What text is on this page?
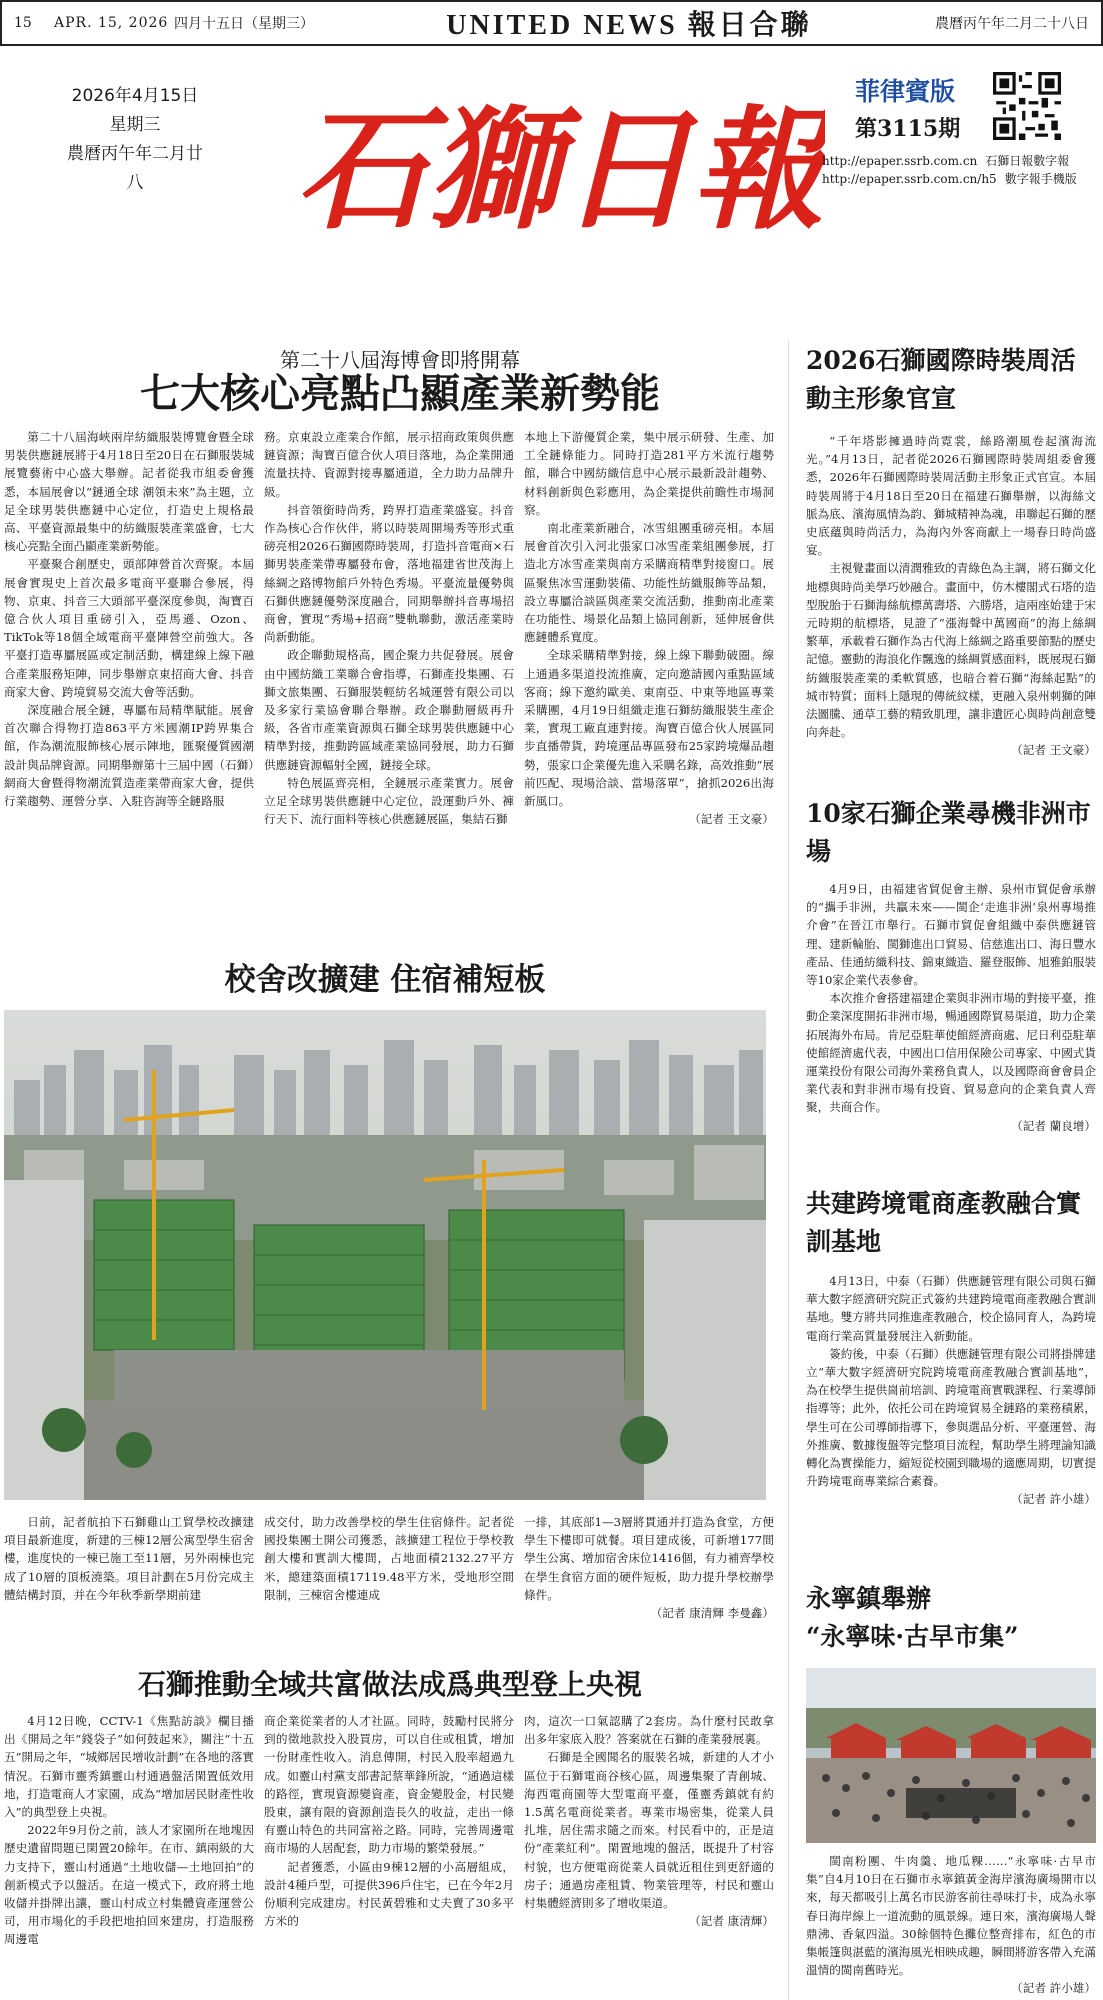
15	APR. 15, 2026 四月十五日（星期三）	UNITED NEWS 報日合聯	農曆丙午年二月二十八日
2026年4月15日
星期三
農曆丙午年二月廿八	石獅日報
菲律賓版
第3115期
http://epaper.ssrb.com.cn 石獅日報數字報
http://epaper.ssrb.com.cn/h5 數字報手機版
第二十八屆海博會即將開幕
七大核心亮點凸顯產業新勢能

第二十八屆海峽兩岸紡織服裝博覽會暨全球男裝供應鏈展將于4月18日至20日在石獅服裝城展覽藝術中心盛大舉辦。記者從我市組委會獲悉，本屆展會以“鏈通全球 潮領未來”為主題，立足全球男裝供應鏈中心定位，打造史上規格最高、平臺資源最集中的紡織服裝產業盛會，七大核心亮點全面凸顯產業新勢能。

平臺聚合創歷史，頭部陣營首次齊聚。本屆展會實現史上首次最多電商平臺聯合參展，得物、京東、抖音三大頭部平臺深度參與，淘寶百億合伙人項目重磅引入，亞馬遜、Ozon、TikTok等18個全域電商平臺陣營空前強大。各平臺打造專屬展區或定制活動，構建線上線下融合產業服務矩陣，同步舉辦京東招商大會、抖音商家大會、跨境貿易交流大會等活動。

深度融合展全鏈，專屬布局精準賦能。展會首次聯合得物打造863平方米國潮IP跨界集合館，作為潮流服飾核心展示陣地，匯聚優質國潮設計與品牌資源。同期舉辦第十三屆中國（石獅）網商大會暨得物潮流質造產業帶商家大會，提供行業趨勢、運營分享、入駐咨詢等全鏈路服

務。京東設立產業合作館，展示招商政策與供應鏈資源；淘寶百億合伙人項目落地，為企業開通流量扶持、資源對接專屬通道，全力助力品牌升級。

抖音領銜時尚秀，跨界打造產業盛宴。抖音作為核心合作伙伴，將以時裝周開場秀等形式重磅亮相2026石獅國際時裝周，打造抖音電商×石獅男裝產業帶專屬發布會，落地福建省世茂海上絲綢之路博物館戶外特色秀場。平臺流量優勢與石獅供應鏈優勢深度融合，同期舉辦抖音專場招商會，實現“秀場+招商”雙軌聯動，激活產業時尚新動能。

政企聯動規格高，國企聚力共促發展。展會由中國紡織工業聯合會指導，石獅產投集團、石獅文旅集團、石獅服裝輕紡名城運營有限公司以及多家行業協會聯合舉辦。政企聯動層級再升級，各省市產業資源與石獅全球男裝供應鏈中心精準對接，推動跨區域產業協同發展，助力石獅供應鏈資源輻射全國，鏈接全球。

特色展區齊亮相，全鏈展示產業實力。展會立足全球男裝供應鏈中心定位，設運動戶外、褲行天下、流行面料等核心供應鏈展區，集結石獅

本地上下游優質企業，集中展示研發、生產、加工全鏈條能力。同時打造281平方米流行趨勢館，聯合中國紡織信息中心展示最新設計趨勢、材料創新與色彩應用，為企業提供前瞻性市場洞察。

南北產業新融合，冰雪組團重磅亮相。本屆展會首次引入河北張家口冰雪產業組團參展，打造北方冰雪產業與南方采購商精準對接窗口。展區聚焦冰雪運動裝備、功能性紡織服飾等品類，設立專屬洽談區與產業交流活動，推動南北產業在功能性、場景化品類上協同創新，延伸展會供應鏈體系寬度。

全球采購精準對接，線上線下聯動破圈。線上通過多渠道投流推廣，定向邀請國內重點區域客商；線下邀約歐美、東南亞、中東等地區專業采購團，4月19日組織走進石獅紡織服裝生產企業，實現工廠直連對接。淘寶百億合伙人展區同步直播帶貨，跨境運品專區發布25家跨境爆品趨勢，張家口企業優先進入采購名錄，高效推動“展前匹配、現場洽談、當場落單”，搶抓2026出海新風口。

（記者 王文豪）
校舍改擴建 住宿補短板

日前，記者航拍下石獅雞山工貿學校改擴建項目最新進度，新建的三棟12層公寓型學生宿舍樓，進度快的一棟已施工至11層，另外兩棟也完成了10層的頂板澆築。項目計劃在5月份完成主體結構封頂，并在今年秋季新學期前建

成交付，助力改善學校的學生住宿條件。記者從國投集團土開公司獲悉，該擴建工程位于學校教創大樓和實訓大樓間，占地面積2132.27平方米，總建築面積17119.48平方米，受地形空間限制，三棟宿舍樓連成

一排，其底部1—3層將貫通并打造為食堂，方便學生下樓即可就餐。項目建成後，可新增177間學生公寓、增加宿舍床位1416個，有力補齊學校在學生食宿方面的硬件短板，助力提升學校辦學條件。

（記者 康清輝 李曼鑫）
石獅推動全域共富做法成爲典型登上央視

4月12日晚，CCTV-1《焦點訪談》欄目播出《開局之年“錢袋子”如何鼓起來》，關注“十五五”開局之年，“城鄉居民增收計劃”在各地的落實情況。石獅市靈秀鎮靈山村通過盤活閑置低效用地，打造電商人才家園，成為“增加居民財產性收入”的典型登上央視。

2022年9月份之前，該人才家園所在地塊因歷史遺留問題已閑置20餘年。在市、鎮兩級的大力支持下，靈山村通過“土地收儲—土地回拍”的創新模式予以盤活。在這一模式下，政府將土地收儲并掛牌出讓，靈山村成立村集體資產運營公司，用市場化的手段把地拍回來建房，打造服務周邊電

商企業從業者的人才社區。同時，鼓勵村民將分到的徵地款投入股買房，可以自住或租賃，增加一份財產性收入。消息傳開，村民入股率超過九成。如靈山村黨支部書記蔡華鋒所說，“通過這樣的路徑，實現資源變資產，資金變股金，村民變股東，讓有限的資源創造長久的收益，走出一條有靈山特色的共同富裕之路。同時，完善周邊電商市場的人居配套，助力市場的繁榮發展。”

記者獲悉，小區由9棟12層的小高層組成，設計4種戶型，可提供396戶住宅，已在今年2月份順利完成建房。村民黃碧雅和丈夫賣了30多平方米的

肉，這次一口氣認購了2套房。為什麼村民敢拿出多年家底入股？答案就在石獅的產業發展裏。

石獅是全國聞名的服裝名城，新建的人才小區位于石獅電商谷核心區，周邊集聚了青創城、海西電商園等大型電商平臺，僅靈秀鎮就有約1.5萬名電商從業者。專業市場密集，從業人員扎堆，居住需求隨之而來。村民看中的，正是這份“產業紅利”。閑置地塊的盤活，既提升了村容村貌，也方便電商從業人員就近租住到更舒適的房子；通過房產租賃、物業管理等，村民和靈山村集體經濟則多了增收渠道。

（記者 康清輝）
2026石獅國際時裝周活動主形象官宣

“千年塔影擁過時尚霓裳，絲路潮風卷起濱海流光。”4月13日，記者從2026石獅國際時裝周組委會獲悉，2026年石獅國際時裝周活動主形象正式官宣。本屆時裝周將于4月18日至20日在福建石獅舉辦，以海絲文脈為底、濱海風情為韵、獅城精神為魂，串聯起石獅的歷史底蘊與時尚活力，為海內外客商獻上一場春日時尚盛宴。

主視覺畫面以清潤雅致的青綠色為主調，將石獅文化地標與時尚美學巧妙融合。畫面中，仿木樓閣式石塔的造型脫胎于石獅海絲航標萬壽塔、六勝塔，這兩座始建于宋元時期的航標塔，見證了“漲海聲中萬國商”的海上絲綢繁華，承載着石獅作為古代海上絲綢之路重要節點的歷史記憶。靈動的海浪化作飄逸的絲綢質感面料，既展現石獅紡織服裝產業的柔軟質感，也暗合着石獅“海絲起點”的城市特質；面料上隱現的傳統紋樣，更融入泉州刺獅的陣法圖騰、通草工藝的精致肌理，讓非遺匠心與時尚創意雙向奔赴。

（記者 王文豪）
10家石獅企業尋機非洲市場

4月9日，由福建省貿促會主辦、泉州市貿促會承辦的“攜手非洲，共贏未來——閩企‘走進非洲’泉州專場推介會”在晉江市舉行。石獅市貿促會組織中泰供應鏈管理、建新輪胎、閩獅進出口貿易、信慈進出口、海日豐水產品、佳通紡織科技、錦東織造、羅登服飾、旭雅鉑服裝等10家企業代表參會。

本次推介會搭建福建企業與非洲市場的對接平臺，推動企業深度開拓非洲市場，暢通國際貿易渠道，助力企業拓展海外布局。肯尼亞駐華使館經濟商處、尼日利亞駐華使館經濟處代表，中國出口信用保險公司專家、中國式貨運業投份有限公司海外業務負責人，以及國際商會會員企業代表和對非洲市場有投資、貿易意向的企業負責人齊聚，共商合作。

（記者 蘭良增）
共建跨境電商產教融合實訓基地

4月13日，中泰（石獅）供應鏈管理有限公司與石獅華大數字經濟研究院正式簽約共建跨境電商產教融合實訓基地。雙方將共同推進產教融合，校企協同育人，為跨境電商行業高質量發展注入新動能。

簽約後，中泰（石獅）供應鏈管理有限公司將掛牌建立“華大數字經濟研究院跨境電商產教融合實訓基地”，為在校學生提供崗前培訓、跨境電商實戰課程、行業導師指導等；此外，依托公司在跨境貿易全鏈路的業務積累，學生可在公司導師指導下，參與選品分析、平臺運營、海外推廣、數據復盤等完整項目流程，幫助學生將理論知識轉化為實操能力，縮短從校園到職場的適應周期，切實提升跨境電商專業綜合素養。

（記者 許小雄）
永寧鎮舉辦
“永寧味·古早市集”

閩南粉團、牛肉羹、地瓜粿……“永寧味·古早市集”自4月10日在石獅市永寧鎮黃金海岸濱海廣場開市以來，每天都吸引上萬名市民游客前往尋味打卡，成為永寧春日海岸線上一道流動的風景線。連日來，濱海廣場人聲鼎沸、香氣四溢。30餘個特色攤位整齊排布，紅色的市集帳篷與湛藍的濱海風光相映成趣，瞬間將游客帶入充滿溫情的閩南舊時光。

（記者 許小雄）
